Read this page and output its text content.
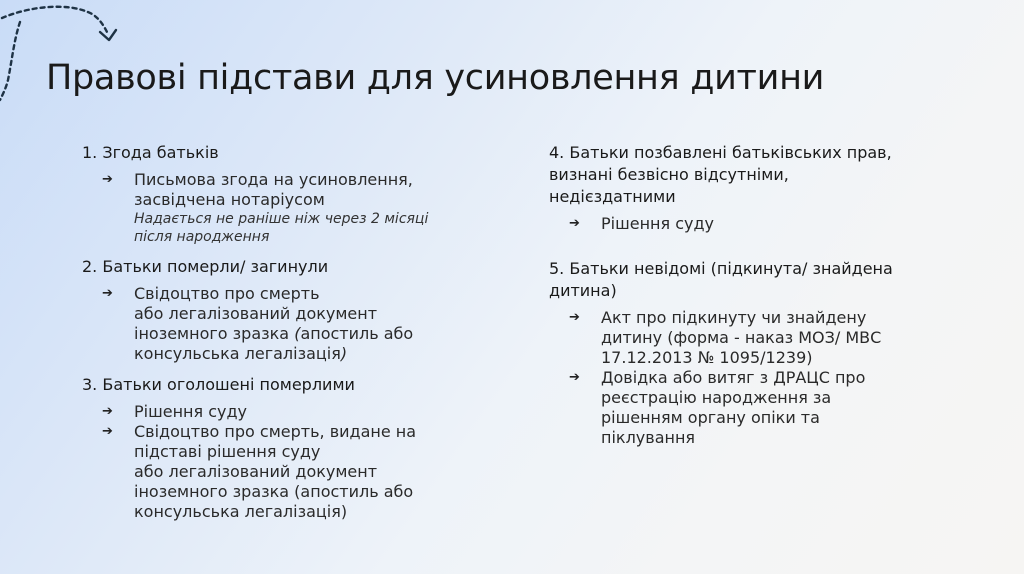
Правові підстави для усиновлення дитини

1. Згода батьків

➔ Письмова згода на усиновлення,
засвідчена нотаріусом
Надається не раніше ніж через 2 місяці
після народження

2. Батьки померли/ загинули

➔ Свідоцтво про смерть
або легалізований документ
іноземного зразка (апостиль або
консульська легалізація)

3. Батьки оголошені померлими

➔ Рішення суду
➔ Свідоцтво про смерть, видане на
підставі рішення суду
або легалізований документ
іноземного зразка (апостиль або
консульська легалізація)

4. Батьки позбавлені батьківських прав,
визнані безвісно відсутніми,
недієздатними

➔ Рішення суду

5. Батьки невідомі (підкинута/ знайдена
дитина)

➔ Акт про підкинуту чи знайдену
дитину (форма - наказ МОЗ/ МВС
17.12.2013 № 1095/1239)
➔ Довідка або витяг з ДРАЦС про
реєстрацію народження за
рішенням органу опіки та
піклування
